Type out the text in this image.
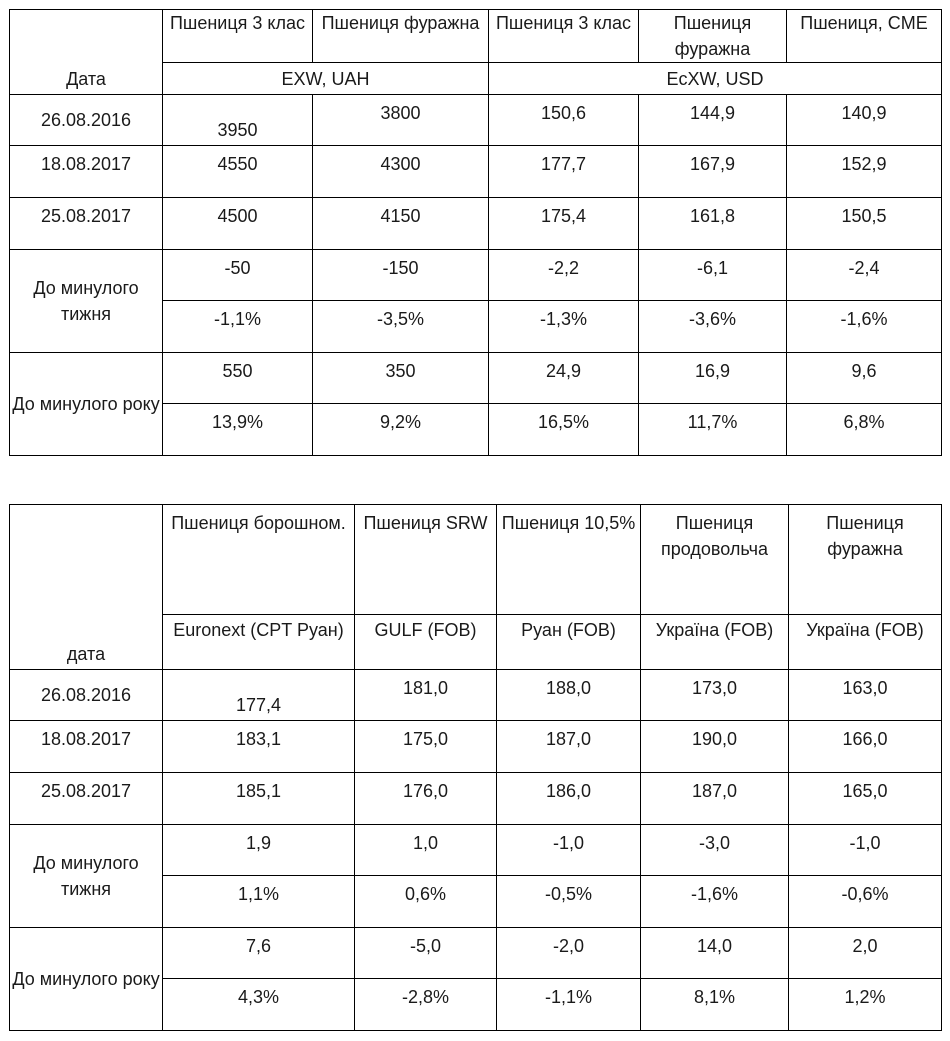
Дата	Пшениця 3 клас	Пшениця фуражна	Пшениця 3 клас	Пшениця фуражна	Пшениця, CME
	EXW, UAH		EcXW, USD		
26.08.2016	3950	3800	150,6	144,9	140,9
18.08.2017	4550	4300	177,7	167,9	152,9
25.08.2017	4500	4150	175,4	161,8	150,5
До минулого тижня	-50	-150	-2,2	-6,1	-2,4
	-1,1%	-3,5%	-1,3%	-3,6%	-1,6%
До минулого року	550	350	24,9	16,9	9,6
	13,9%	9,2%	16,5%	11,7%	6,8%
дата	Пшениця борошном.	Пшениця SRW	Пшениця 10,5%	Пшениця продовольча	Пшениця фуражна
	Euronext (CPT Руан)	GULF (FOB)	Руан (FOB)	Україна (FOB)	Україна (FOB)
26.08.2016	177,4	181,0	188,0	173,0	163,0
18.08.2017	183,1	175,0	187,0	190,0	166,0
25.08.2017	185,1	176,0	186,0	187,0	165,0
До минулого тижня	1,9	1,0	-1,0	-3,0	-1,0
	1,1%	0,6%	-0,5%	-1,6%	-0,6%
До минулого року	7,6	-5,0	-2,0	14,0	2,0
	4,3%	-2,8%	-1,1%	8,1%	1,2%
